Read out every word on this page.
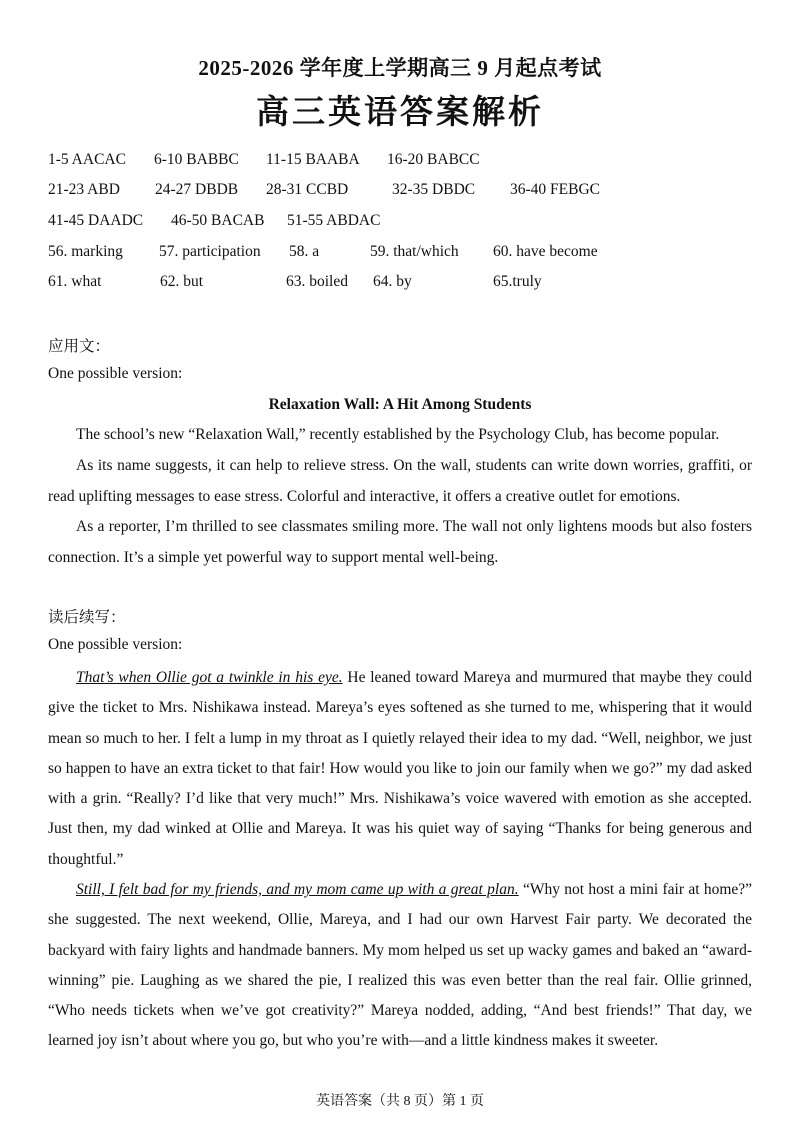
2025-2026 学年度上学期高三 9 月起点考试
高三英语答案解析
1-5 AACAC 6-10 BABBC 11-15 BAABA 16-20 BABCC
21-23 ABD 24-27 DBDB 28-31 CCBD	32-35 DBDC 36-40 FEBGC
41-45 DAADC 46-50 BACAB 51-55 ABDAC
56. marking 57. participation 58. a	59. that/which 60. have become
61. what	62. but	63. boiled 64. by	65.truly
应用文：
One possible version:
Relaxation Wall: A Hit Among Students

The school’s new “Relaxation Wall,” recently established by the Psychology Club, has become popular.

As its name suggests, it can help to relieve stress. On the wall, students can write down worries, graffiti, or read uplifting messages to ease stress. Colorful and interactive, it offers a creative outlet for emotions.

As a reporter, I’m thrilled to see classmates smiling more. The wall not only lightens moods but also fosters connection. It’s a simple yet powerful way to support mental well-being.

读后续写：
One possible version:

That’s when Ollie got a twinkle in his eye. He leaned toward Mareya and murmured that maybe they could give the ticket to Mrs. Nishikawa instead. Mareya’s eyes softened as she turned to me, whispering that it would mean so much to her. I felt a lump in my throat as I quietly relayed their idea to my dad. “Well, neighbor, we just so happen to have an extra ticket to that fair! How would you like to join our family when we go?” my dad asked with a grin. “Really? I’d like that very much!” Mrs. Nishikawa’s voice wavered with emotion as she accepted. Just then, my dad winked at Ollie and Mareya. It was his quiet way of saying “Thanks for being generous and thoughtful.”

Still, I felt bad for my friends, and my mom came up with a great plan. “Why not host a mini fair at home?” she suggested. The next weekend, Ollie, Mareya, and I had our own Harvest Fair party. We decorated the backyard with fairy lights and handmade banners. My mom helped us set up wacky games and baked an “award-winning” pie. Laughing as we shared the pie, I realized this was even better than the real fair. Ollie grinned, “Who needs tickets when we’ve got creativity?” Mareya nodded, adding, “And best friends!” That day, we learned joy isn’t about where you go, but who you’re with—and a little kindness makes it sweeter.

英语答案（共 8 页）第 1 页
